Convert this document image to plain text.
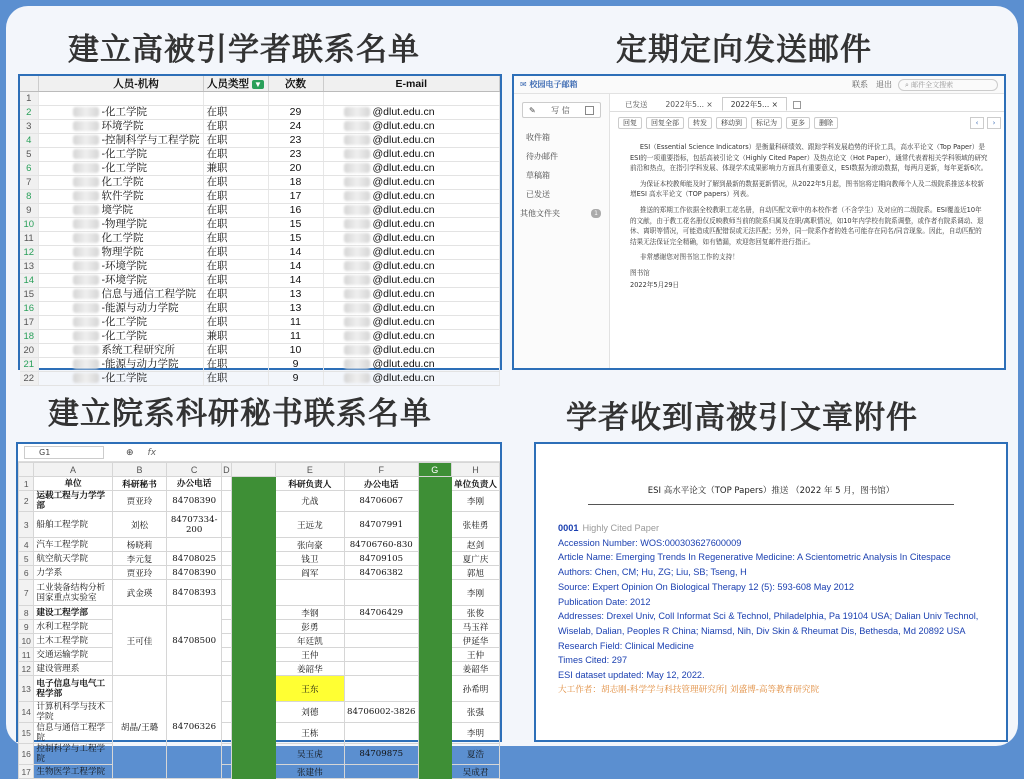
建立高被引学者联系名单	定期定向发送邮件
建立院系科研秘书联系名单	学者收到高被引文章附件
	人员-机构	人员类型 ▼	次数	E-mail
1				
2	-化工学院	在职	29	@dlut.edu.cn
3	环境学院	在职	24	@dlut.edu.cn
4	-控制科学与工程学院	在职	23	@dlut.edu.cn
5	-化工学院	在职	23	@dlut.edu.cn
6	-化工学院	兼职	20	@dlut.edu.cn
7	化工学院	在职	18	@dlut.edu.cn
8	软件学院	在职	17	@dlut.edu.cn
9	境学院	在职	16	@dlut.edu.cn
10	-物理学院	在职	15	@dlut.edu.cn
11	化工学院	在职	15	@dlut.edu.cn
12	物理学院	在职	14	@dlut.edu.cn
13	-环境学院	在职	14	@dlut.edu.cn
14	-环境学院	在职	14	@dlut.edu.cn
15	信息与通信工程学院	在职	13	@dlut.edu.cn
16	-能源与动力学院	在职	13	@dlut.edu.cn
17	-化工学院	在职	11	@dlut.edu.cn
18	-化工学院	兼职	11	@dlut.edu.cn
20	系统工程研究所	在职	10	@dlut.edu.cn
21	-能源与动力学院	在职	9	@dlut.edu.cn
22	-化工学院	在职	9	@dlut.edu.cn
✉ 校园电子邮箱	联系 退出	⌕ 邮件全文搜索
✎ 写 信
收件箱
待办邮件
草稿箱
已发送
其他文件夹	1
已发送	2022年5... ×	2022年5... ×
回复	回复全部	转发	移动到	标记为	更多	删除	‹	›

ESI（Essential Science Indicators）是衡量科研绩效、跟踪学科发展趋势的评价工具，高水平论文（Top Paper）是ESI的一项重要指标，包括高被引论文（Highly Cited Paper）及热点论文（Hot Paper），通常代表着相关学科领域的研究前沿和热点，在指引学科发展、体现学术成果影响力方面具有重要意义，ESI数据为滚动数据，每两月更新，每年更新6次。

为保证本校教师能及时了解到最新的数据更新情况，从2022年5月起，图书馆将定期向教师个人及二级院系推送本校新增ESI 高水平论文（TOP papers）列表。

推送的郑期工作依据全校教职工花名册，自动匹配文章中的本校作者（不含学生）及对应的二级院系。ESI覆盖近10年的文献，由于教工花名册仅反映教师当前的院系归属及在职/离职情况，如10年内学校有院系调整，或作者有院系调动、退休、离职等情况，可能造成匹配错误或无法匹配；另外，同一院系作者的姓名可能存在同名/同音现象。因此，自动匹配的结果无法保证完全精确，如有错漏，欢迎您回复邮件进行指正。

非常感谢您对图书馆工作的支持！

图书馆

2022年5月29日

G1	⊕ fx
	A	B	C	D		E	F	G	H
1	单位	科研秘书	办公电话			科研负责人	办公电话		单位负责人
2	运载工程与力学学部	贾亚玲	84708390			尤战	84706067		李刚
3	船舶工程学院	刘松	84707334-200			王远龙	84707991		张桂勇
4	汽车工程学院	杨晓莉				张向豪	84706760-830		赵剑
5	航空航天学院	李元复	84708025			钱卫	84709105		夏广庆
6	力学系	贾亚玲	84708390			阎军	84706382		郭旭
7	工业装备结构分析国家重点实验室	武金瑛	84708393						李刚
8	建设工程学部	王可佳	84708500			李钢	84706429		张俊
9	水利工程学院					彭勇			马玉祥
10	土木工程学院					年廷凯			伊延华
11	交通运输学院					王仲			王仲
12	建设管理系					姜韶华			姜韶华
13	电子信息与电气工程学部	胡晶/王璐	84706326			王东			孙希明
14	计算机科学与技术学院					刘德	84706002-3826		张强
15	信息与通信工程学院					王栋			李明
16	控制科学与工程学院					吴玉虎	84709875		夏浩
17	生物医学工程学院					张建伟			吴成君
ESI 高水平论文（TOP Papers）推送 （2022 年 5 月，图书馆）
0001 Highly Cited Paper
Accession Number: WOS:000303627600009
Article Name: Emerging Trends In Regenerative Medicine: A Scientometric Analysis In Citespace
Authors: Chen, CM; Hu, ZG; Liu, SB; Tseng, H
Source: Expert Opinion On Biological Therapy 12 (5): 593-608 May 2012
Publication Date: 2012
Addresses: Drexel Univ, Coll Informat Sci & Technol, Philadelphia, Pa 19104 USA; Dalian Univ Technol, Wiselab, Dalian, Peoples R China; Niamsd, Nih, Div Skin & Rheumat Dis, Bethesda, Md 20892 USA
Research Field: Clinical Medicine
Times Cited: 297
ESI dataset updated: May 12, 2022.
大工作者：胡志刚-科学学与科技管理研究所| 刘盛博-高等教育研究院
